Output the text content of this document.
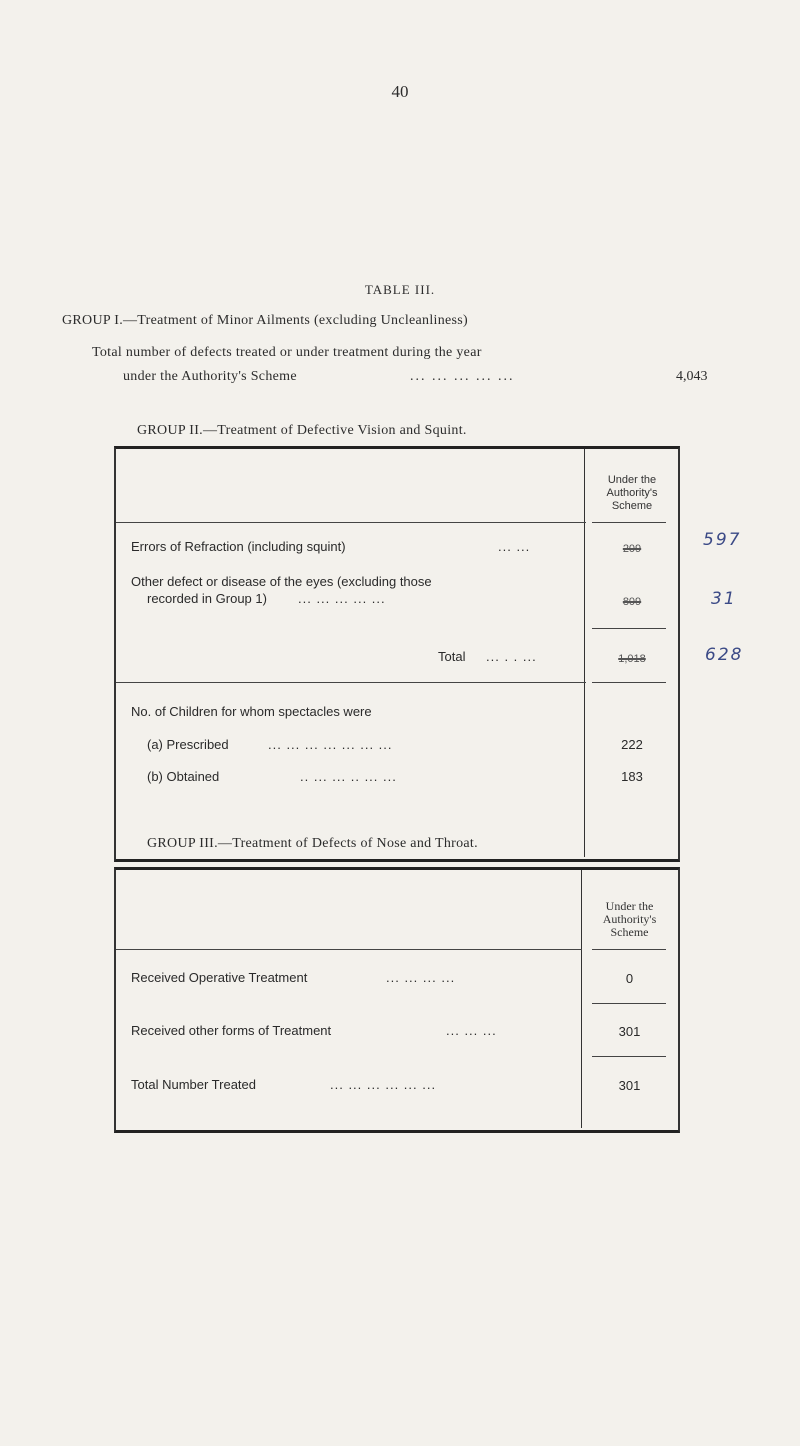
40
TABLE III.
GROUP I.—Treatment of Minor Ailments (excluding Uncleanliness)
Total number of defects treated or under treatment during the year
under the Authority's Scheme	... ... ... ... ...	4,043
GROUP II.—Treatment of Defective Vision and Squint.
Under the
Authority's
Scheme
Errors of Refraction (including squint)	... ...	209	597
Other defect or disease of the eyes (excluding those
recorded in Group 1) ... ... ... ... ...	809	31
Total ... . . ...	1,018	628
No. of Children for whom spectacles were
(a) Prescribed	... ... ... ... ... ... ...	222
(b) Obtained	.. ... ... .. ... ...	183
GROUP III.—Treatment of Defects of Nose and Throat.
Under the
Authority's
Scheme
Received Operative Treatment	... ... ... ...	0
Received other forms of Treatment	... ... ...	301
Total Number Treated	... ... ... ... ... ...	301
